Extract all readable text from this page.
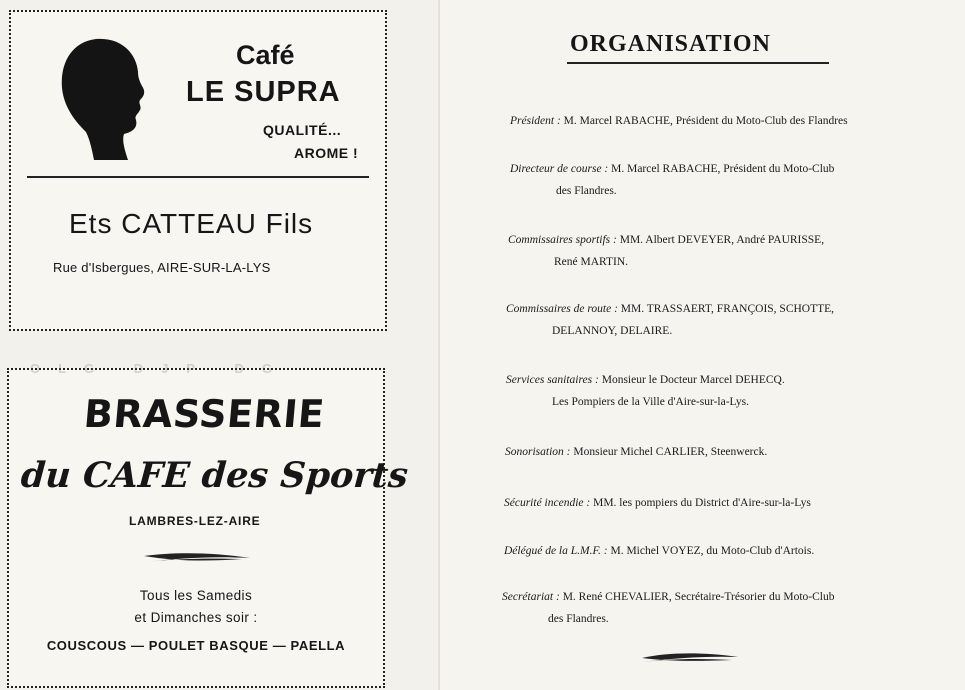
Café
LE SUPRA
QUALITÉ...
AROME !
Ets CATTEAU Fils
Rue d'Isbergues, AIRE-SUR-LA-LYS
BRASSERIE
du CAFE des Sports
LAMBRES-LEZ-AIRE
Tous les Samedis
et Dimanches soir :
COUSCOUS — POULET BASQUE — PAELLA
ORGANISATION
Président : M. Marcel RABACHE, Président du Moto-Club des Flandres
Directeur de course : M. Marcel RABACHE, Président du Moto-Club
des Flandres.
Commissaires sportifs : MM. Albert DEVEYER, André PAURISSE,
René MARTIN.
Commissaires de route : MM. TRASSAERT, FRANÇOIS, SCHOTTE,
DELANNOY, DELAIRE.
Services sanitaires : Monsieur le Docteur Marcel DEHECQ.
Les Pompiers de la Ville d'Aire-sur-la-Lys.
Sonorisation : Monsieur Michel CARLIER, Steenwerck.
Sécurité incendie : MM. les pompiers du District d'Aire-sur-la-Lys
Délégué de la L.M.F. : M. Michel VOYEZ, du Moto-Club d'Artois.
Secrétariat : M. René CHEVALIER, Secrétaire-Trésorier du Moto-Club
des Flandres.
OLG DJP DG
